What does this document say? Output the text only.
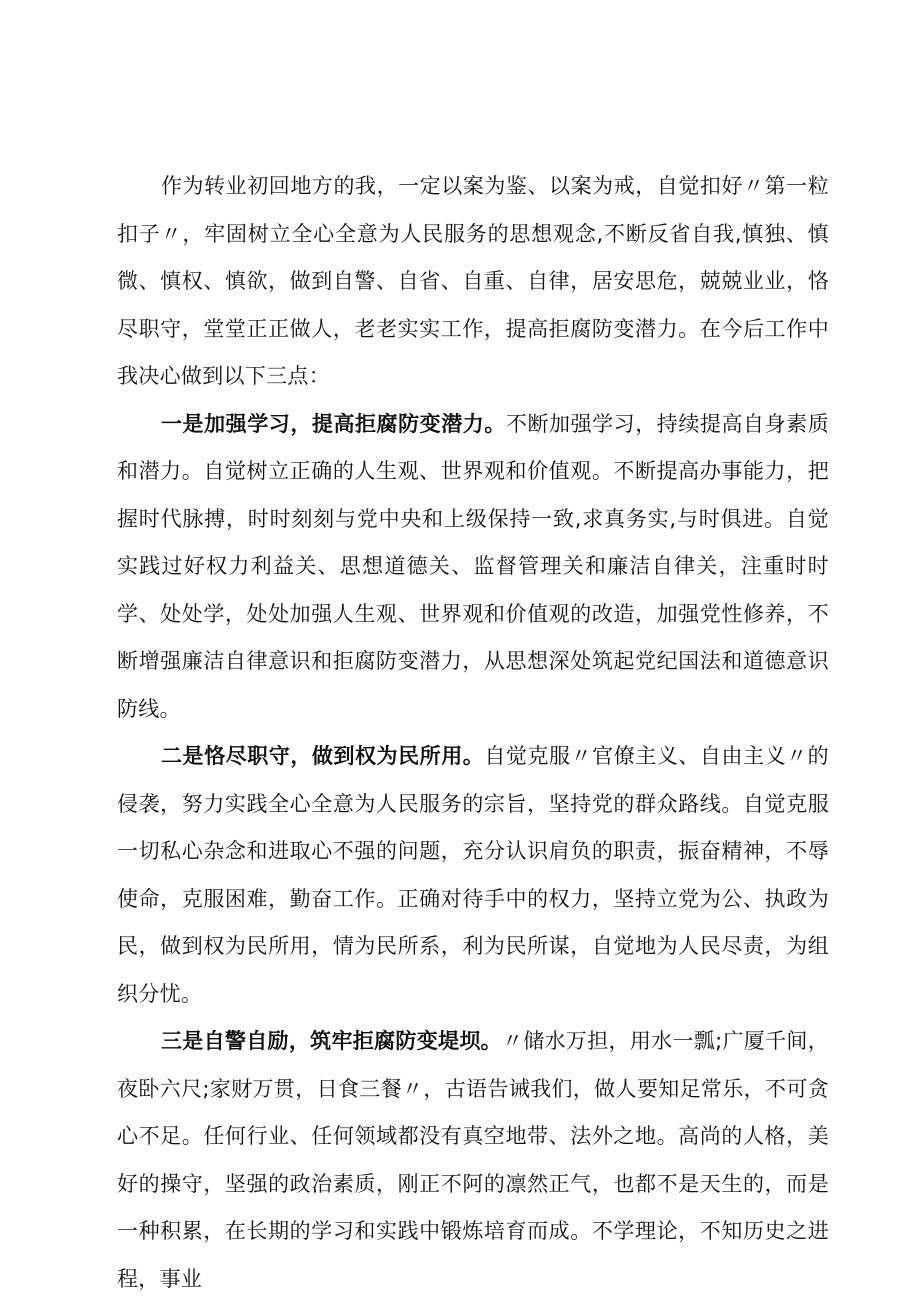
作为转业初回地方的我，一定以案为鉴、以案为戒，自觉扣好〃第一粒扣子〃，牢固树立全心全意为人民服务的思想观念,不断反省自我,慎独、慎微、慎权、慎欲，做到自警、自省、自重、自律，居安思危，兢兢业业，恪尽职守，堂堂正正做人，老老实实工作，提高拒腐防变潜力。在今后工作中我决心做到以下三点：

一是加强学习，提高拒腐防变潜力。不断加强学习，持续提高自身素质和潜力。自觉树立正确的人生观、世界观和价值观。不断提高办事能力，把握时代脉搏，时时刻刻与党中央和上级保持一致,求真务实,与时俱进。自觉实践过好权力利益关、思想道德关、监督管理关和廉洁自律关，注重时时学、处处学，处处加强人生观、世界观和价值观的改造，加强党性修养，不断增强廉洁自律意识和拒腐防变潜力，从思想深处筑起党纪国法和道德意识防线。

二是恪尽职守，做到权为民所用。自觉克服〃官僚主义、自由主义〃的侵袭，努力实践全心全意为人民服务的宗旨，坚持党的群众路线。自觉克服一切私心杂念和进取心不强的问题，充分认识肩负的职责，振奋精神，不辱使命，克服困难，勤奋工作。正确对待手中的权力，坚持立党为公、执政为民，做到权为民所用，情为民所系，利为民所谋，自觉地为人民尽责，为组织分忧。

三是自警自励，筑牢拒腐防变堤坝。〃储水万担，用水一瓢;广厦千间，夜卧六尺;家财万贯，日食三餐〃，古语告诫我们，做人要知足常乐，不可贪心不足。任何行业、任何领域都没有真空地带、法外之地。高尚的人格，美好的操守，坚强的政治素质，刚正不阿的凛然正气，也都不是天生的，而是一种积累，在长期的学习和实践中锻炼培育而成。不学理论，不知历史之进程，事业
